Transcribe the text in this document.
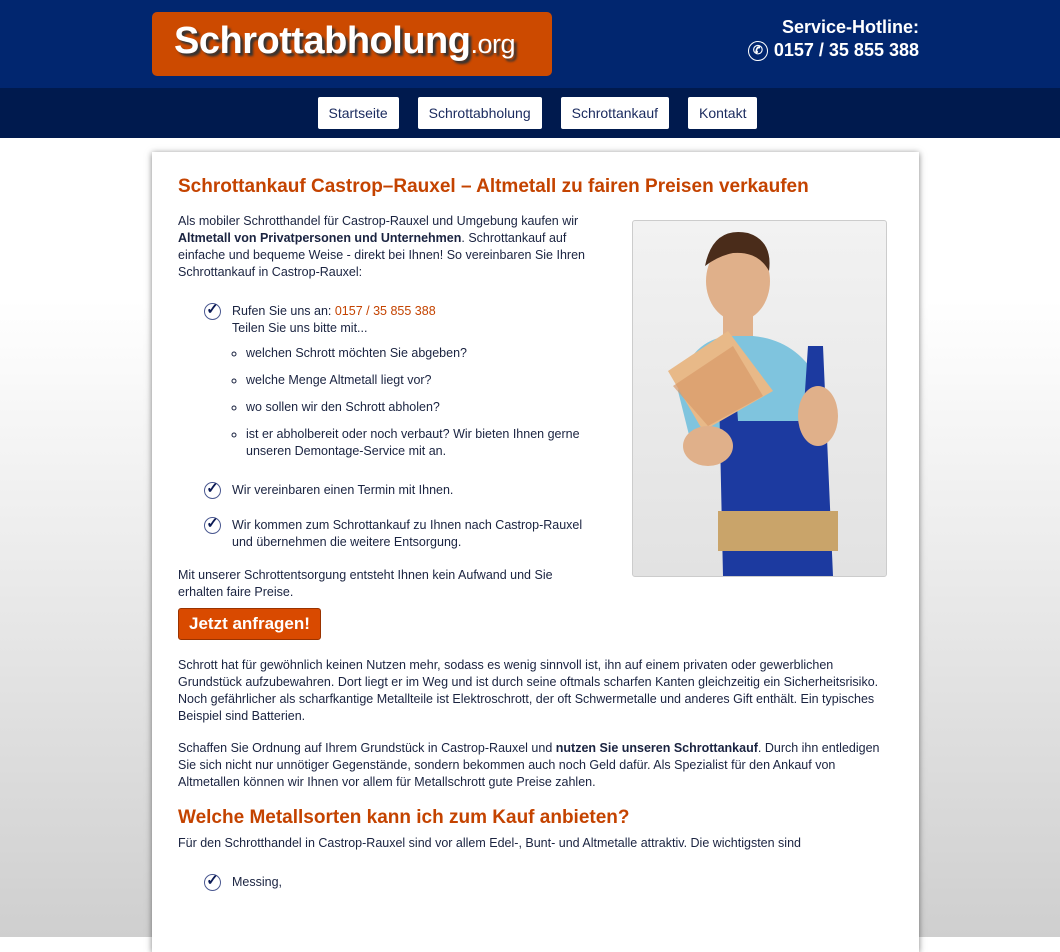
Schrottabholung.org
Service-Hotline:
✆ 0157 / 35 855 388
Startseite	Schrottabholung	Schrottankauf	Kontakt
Schrottankauf Castrop–Rauxel – Altmetall zu fairen Preisen verkaufen

Als mobiler Schrotthandel für Castrop-Rauxel und Umgebung kaufen wir Altmetall von Privatpersonen und Unternehmen. Schrottankauf auf einfache und bequeme Weise - direkt bei Ihnen! So vereinbaren Sie Ihren Schrottankauf in Castrop-Rauxel:

✓ Rufen Sie uns an: 0157 / 35 855 388
Teilen Sie uns bitte mit...
◦ welchen Schrott möchten Sie abgeben?
◦ welche Menge Altmetall liegt vor?
◦ wo sollen wir den Schrott abholen?
◦ ist er abholbereit oder noch verbaut? Wir bieten Ihnen gerne unseren Demontage-Service mit an.
✓ Wir vereinbaren einen Termin mit Ihnen.
✓ Wir kommen zum Schrottankauf zu Ihnen nach Castrop-Rauxel und übernehmen die weitere Entsorgung.

Mit unserer Schrottentsorgung entsteht Ihnen kein Aufwand und Sie erhalten faire Preise.

Jetzt anfragen!

Schrott hat für gewöhnlich keinen Nutzen mehr, sodass es wenig sinnvoll ist, ihn auf einem privaten oder gewerblichen Grundstück aufzubewahren. Dort liegt er im Weg und ist durch seine oftmals scharfen Kanten gleichzeitig ein Sicherheitsrisiko. Noch gefährlicher als scharfkantige Metallteile ist Elektroschrott, der oft Schwermetalle und anderes Gift enthält. Ein typisches Beispiel sind Batterien.

Schaffen Sie Ordnung auf Ihrem Grundstück in Castrop-Rauxel und nutzen Sie unseren Schrottankauf. Durch ihn entledigen Sie sich nicht nur unnötiger Gegenstände, sondern bekommen auch noch Geld dafür. Als Spezialist für den Ankauf von Altmetallen können wir Ihnen vor allem für Metallschrott gute Preise zahlen.

Welche Metallsorten kann ich zum Kauf anbieten?

Für den Schrotthandel in Castrop-Rauxel sind vor allem Edel-, Bunt- und Altmetalle attraktiv. Die wichtigsten sind

✓ Messing,
